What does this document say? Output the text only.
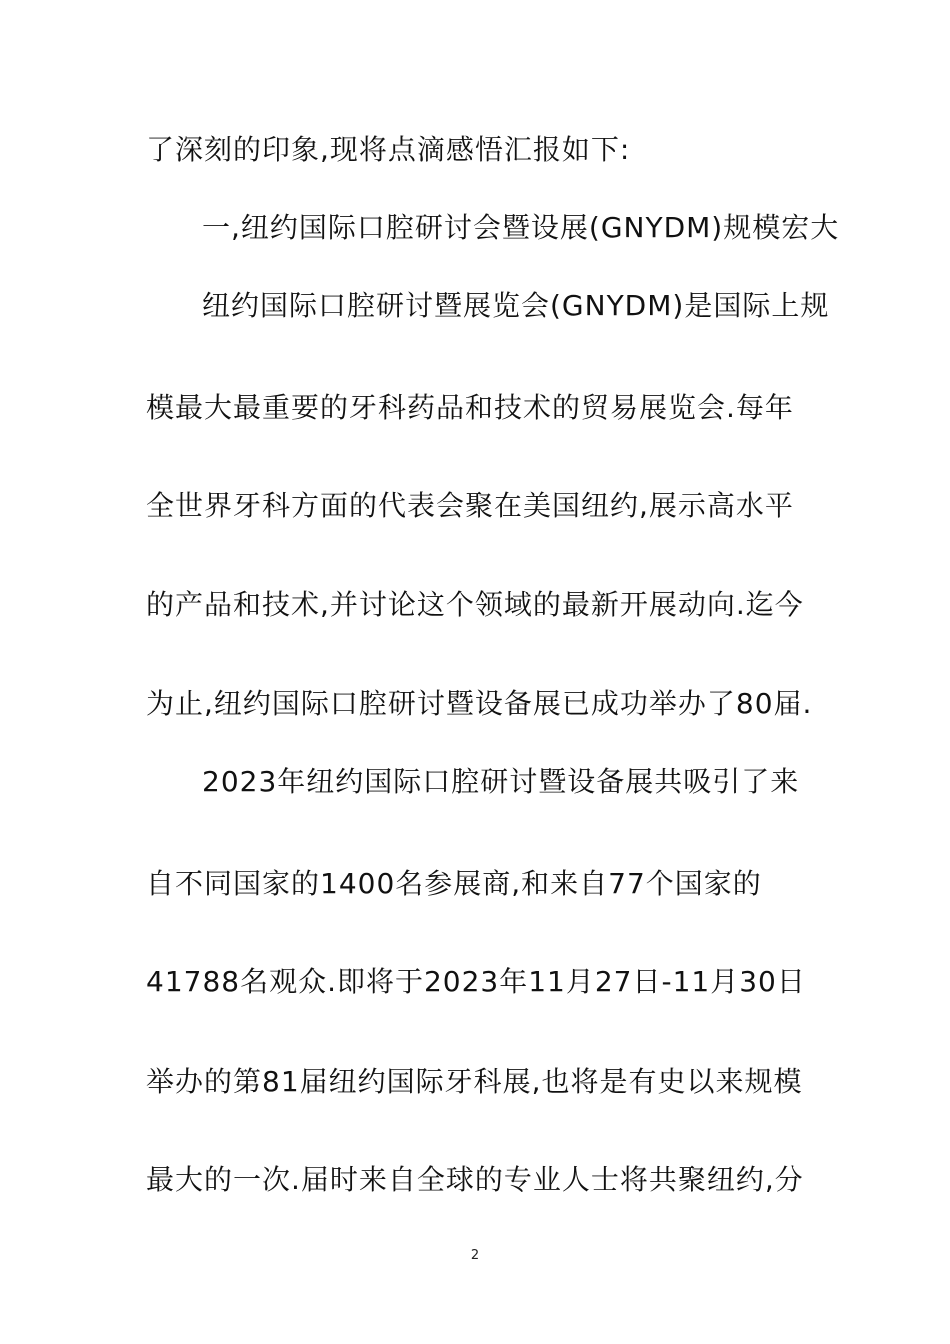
了深刻的印象,现将点滴感悟汇报如下:
一,纽约国际口腔研讨会暨设展(GNYDM)规模宏大
纽约国际口腔研讨暨展览会(GNYDM)是国际上规
模最大最重要的牙科药品和技术的贸易展览会.每年
全世界牙科方面的代表会聚在美国纽约,展示高水平
的产品和技术,并讨论这个领域的最新开展动向.迄今
为止,纽约国际口腔研讨暨设备展已成功举办了80届.
2023年纽约国际口腔研讨暨设备展共吸引了来
自不同国家的1400名参展商,和来自77个国家的
41788名观众.即将于2023年11月27日-11月30日
举办的第81届纽约国际牙科展,也将是有史以来规模
最大的一次.届时来自全球的专业人士将共聚纽约,分
2
